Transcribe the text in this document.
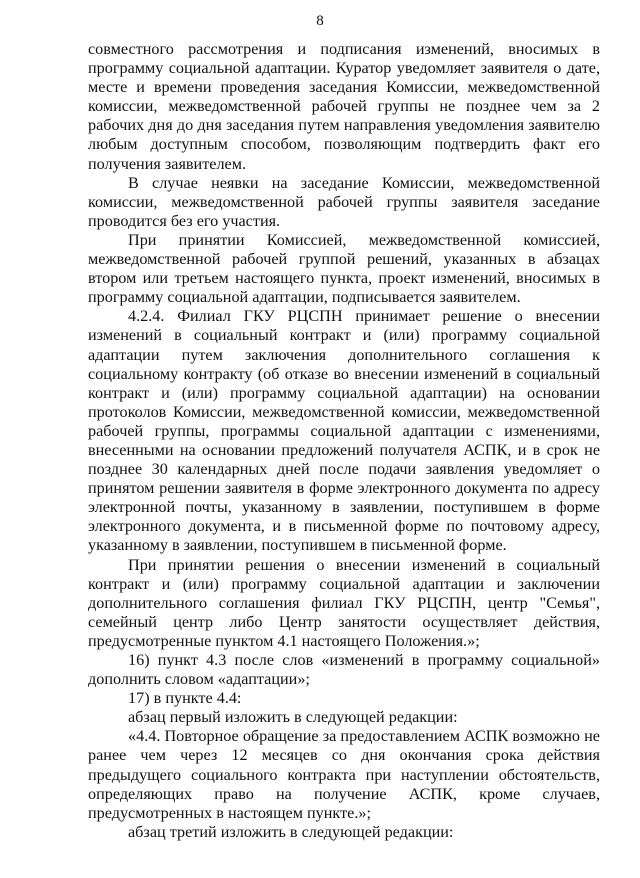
8

совместного рассмотрения и подписания изменений, вносимых в программу социальной адаптации. Куратор уведомляет заявителя о дате, месте и времени проведения заседания Комиссии, межведомственной комиссии, межведомственной рабочей группы не позднее чем за 2 рабочих дня до дня заседания путем направления уведомления заявителю любым доступным способом, позволяющим подтвердить факт его получения заявителем.

В случае неявки на заседание Комиссии, межведомственной комиссии, межведомственной рабочей группы заявителя заседание проводится без его участия.

При принятии Комиссией, межведомственной комиссией, межведомственной рабочей группой решений, указанных в абзацах втором или третьем настоящего пункта, проект изменений, вносимых в программу социальной адаптации, подписывается заявителем.

4.2.4. Филиал ГКУ РЦСПН принимает решение о внесении изменений в социальный контракт и (или) программу социальной адаптации путем заключения дополнительного соглашения к социальному контракту (об отказе во внесении изменений в социальный контракт и (или) программу социальной адаптации) на основании протоколов Комиссии, межведомственной комиссии, межведомственной рабочей группы, программы социальной адаптации с изменениями, внесенными на основании предложений получателя АСПК, и в срок не позднее 30 календарных дней после подачи заявления уведомляет о принятом решении заявителя в форме электронного документа по адресу электронной почты, указанному в заявлении, поступившем в форме электронного документа, и в письменной форме по почтовому адресу, указанному в заявлении, поступившем в письменной форме.

При принятии решения о внесении изменений в социальный контракт и (или) программу социальной адаптации и заключении дополнительного соглашения филиал ГКУ РЦСПН, центр "Семья", семейный центр либо Центр занятости осуществляет действия, предусмотренные пунктом 4.1 настоящего Положения.»;

16) пункт 4.3 после слов «изменений в программу социальной» дополнить словом «адаптации»;

17) в пункте 4.4:

абзац первый изложить в следующей редакции:

«4.4. Повторное обращение за предоставлением АСПК возможно не ранее чем через 12 месяцев со дня окончания срока действия предыдущего социального контракта при наступлении обстоятельств, определяющих право на получение АСПК, кроме случаев, предусмотренных в настоящем пункте.»;

абзац третий изложить в следующей редакции:
